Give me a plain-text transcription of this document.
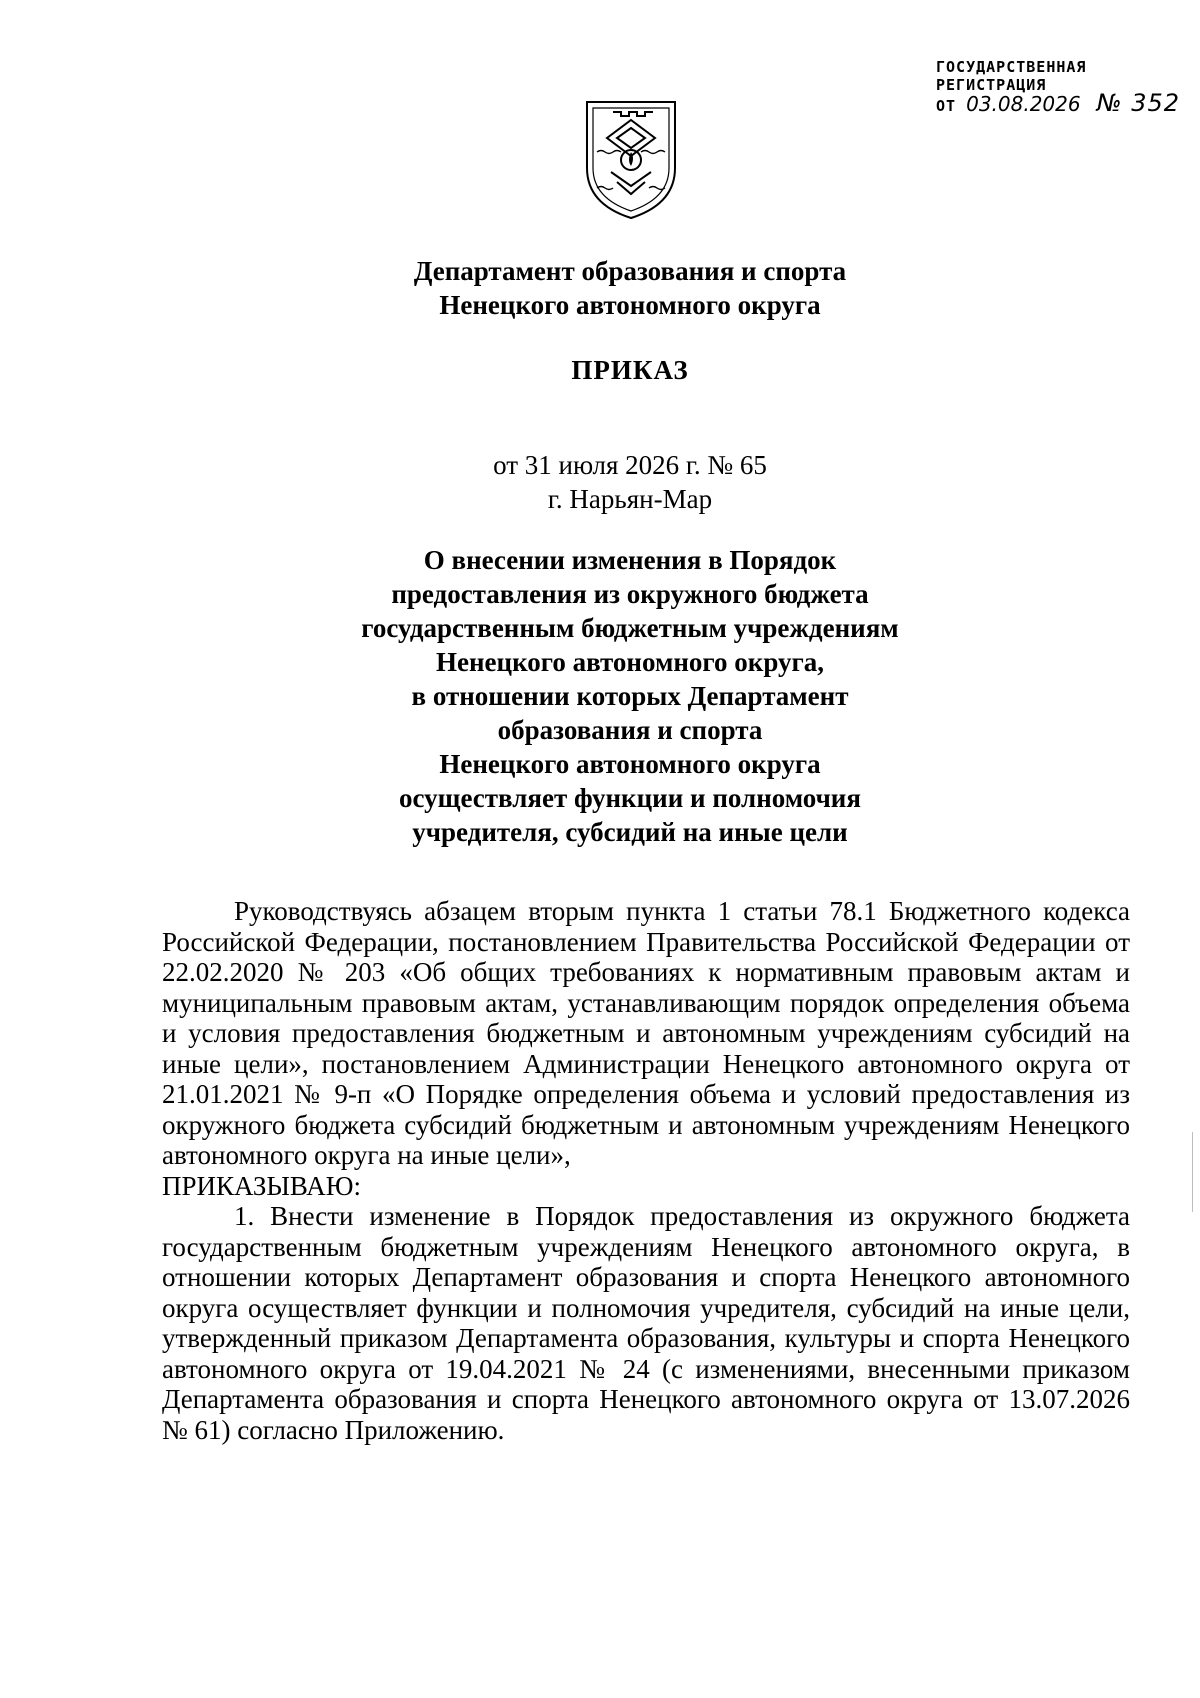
ГОСУДАРСТВЕННАЯ
РЕГИСТРАЦИЯ
ОТ 03.08.2026 № 352
Департамент образования и спорта
Ненецкого автономного округа
ПРИКАЗ
от 31 июля 2026 г. № 65
г. Нарьян-Мар
О внесении изменения в Порядок
предоставления из окружного бюджета
государственным бюджетным учреждениям
Ненецкого автономного округа,
в отношении которых Департамент
образования и спорта
Ненецкого автономного округа
осуществляет функции и полномочия
учредителя, субсидий на иные цели

Руководствуясь абзацем вторым пункта 1 статьи 78.1 Бюджетного кодекса Российской Федерации, постановлением Правительства Российской Федерации от 22.02.2020 № 203 «Об общих требованиях к нормативным правовым актам и муниципальным правовым актам, устанавливающим порядок определения объема и условия предоставления бюджетным и автономным учреждениям субсидий на иные цели», постановлением Администрации Ненецкого автономного округа от 21.01.2021 № 9-п «О Порядке определения объема и условий предоставления из окружного бюджета субсидий бюджетным и автономным учреждениям Ненецкого автономного округа на иные цели»,

ПРИКАЗЫВАЮ:

1. Внести изменение в Порядок предоставления из окружного бюджета государственным бюджетным учреждениям Ненецкого автономного округа, в отношении которых Департамент образования и спорта Ненецкого автономного округа осуществляет функции и полномочия учредителя, субсидий на иные цели, утвержденный приказом Департамента образования, культуры и спорта Ненецкого автономного округа от 19.04.2021 № 24 (с изменениями, внесенными приказом Департамента образования и спорта Ненецкого автономного округа от 13.07.2026 № 61) согласно Приложению.
